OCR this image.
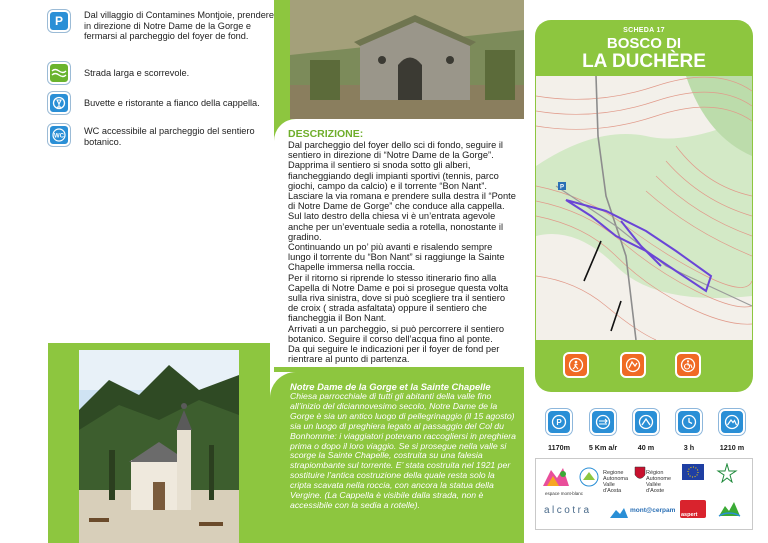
P	Dal villaggio di Contamines Montjoie, prendere in direzione di Notre Dame de la Gorge e fermarsi al parcheggio del foyer de fond.
Strada larga e scorrevole.
Buvette e ristorante a fianco della cappella.
WC
WC accessibile al parcheggio del sentiero botanico.
DESCRIZIONE:

Dal parcheggio del foyer dello sci di fondo, seguire il sentiero in direzione di “Notre Dame de la Gorge”. Dapprima il sentiero si snoda sotto gli alberi, fiancheggiando degli impianti sportivi (tennis, parco giochi, campo da calcio) e il torrente “Bon Nant”. Lasciare la via romana e prendere sulla destra il “Ponte di Notre Dame de Gorge” che conduce alla cappella. Sul lato destro della chiesa vi è un’entrata agevole anche per un’eventuale sedia a rotella, nonostante il gradino.

Continuando un po’ più avanti e risalendo sempre lungo il torrente du “Bon Nant” si raggiunge la Sainte Chapelle immersa nella roccia.

Per il ritorno si riprende lo stesso itinerario fino alla Capella di Notre Dame e poi si prosegue questa volta sulla riva sinistra, dove si può scegliere tra il sentiero de croix ( strada asfaltata) oppure il sentiero che fiancheggia il Bon Nant.

Arrivati a un parcheggio, si può percorrere il sentiero botanico. Seguire il corso dell’acqua fino al ponte.

Da qui seguire le indicazioni per il foyer de fond per rientrare al punto di partenza.

Notre Dame de la Gorge et la Sainte Chapelle
Chiesa parrocchiale di tutti gli abitanti della valle fino all’inizio del diciannovesimo secolo, Notre Dame de la Gorge è sia un antico luogo di pellegrinaggio (il 15 agosto) sia un luogo di preghiera legato al passaggio del Col du Bonhomme: i viaggiatori potevano raccogliersi in preghiera prima o dopo il loro viaggio. Se si prosegue nella valle si scorge la Sainte Chapelle, costruita su una falesia strapiombante sul torrente. E’ stata costruita nel 1921 per sostituire l’antica costruzione della quale resta solo la cripta scavata nella roccia, con ancora la statua della Vergine. (La Cappella è visibile dalla strada, non è accessibile con la sedia a rotelle).
SCHEDA 17
BOSCO DI
LA DUCHÈRE
P
P
1170m	5 Km a/r	40 m	3 h	1210 m
espace mont-blanc
Regione Autonoma Valle d'Aosta
Région Autonome Vallée d'Aoste
alcotra	mont@cerpam
aspert
